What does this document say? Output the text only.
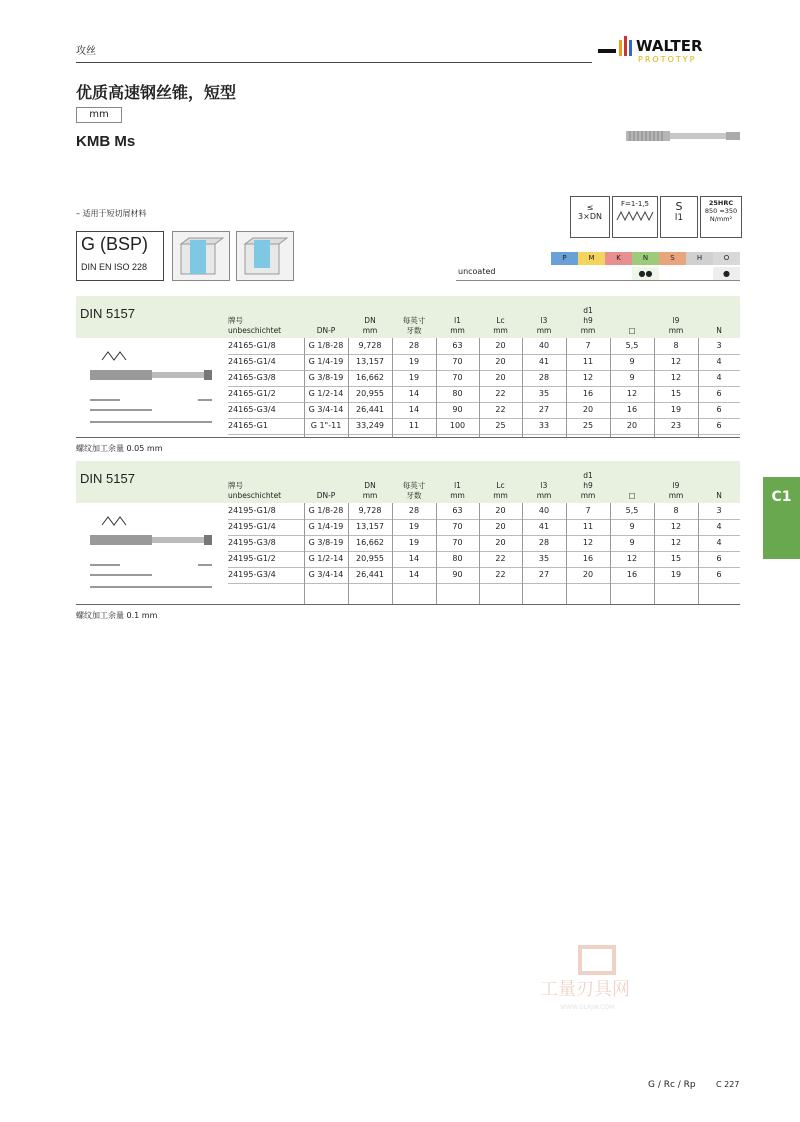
攻丝	WALTER
PROTOTYP
优质高速钢丝锥，短型
mm
KMB Ms
– 适用于短切屑材料
G (BSP)
DIN EN ISO 228
≤
3×DN
F=1-1,5	S
l1
25HRC
850 ≈350 N/mm²
P	M	K	N	S	H	O
uncoated	●●	●
DIN 5157	牌号
unbeschichtet	DN-P
DN
mm
每英寸
牙数
l1
mm
Lc
mm
l3
mm
d1
h9
mm	□
l9
mm	N
24165-G1/8	G 1/8-28	9,728	28	63	20	40	7	5,5	8	3
24165-G1/4	G 1/4-19	13,157	19	70	20	41	11	9	12	4
24165-G3/8	G 3/8-19	16,662	19	70	20	28	12	9	12	4
24165-G1/2	G 1/2-14	20,955	14	80	22	35	16	12	15	6
24165-G3/4	G 3/4-14	26,441	14	90	22	27	20	16	19	6
24165-G1	G 1"-11	33,249	11	100	25	33	25	20	23	6
螺纹加工余量 0.05 mm
DIN 5157	牌号
unbeschichtet	DN-P
DN
mm
每英寸
牙数
l1
mm
Lc
mm
l3
mm
d1
h9
mm	□
l9
mm	N
24195-G1/8	G 1/8-28	9,728	28	63	20	40	7	5,5	8	3
24195-G1/4	G 1/4-19	13,157	19	70	20	41	11	9	12	4
24195-G3/8	G 3/8-19	16,662	19	70	20	28	12	9	12	4
24195-G1/2	G 1/2-14	20,955	14	80	22	35	16	12	15	6
24195-G3/4	G 3/4-14	26,441	14	90	22	27	20	16	19	6
螺纹加工余量 0.1 mm
C1
工量刃具网
WWW.GLRJW.COM
G / Rc / Rp	C 227
